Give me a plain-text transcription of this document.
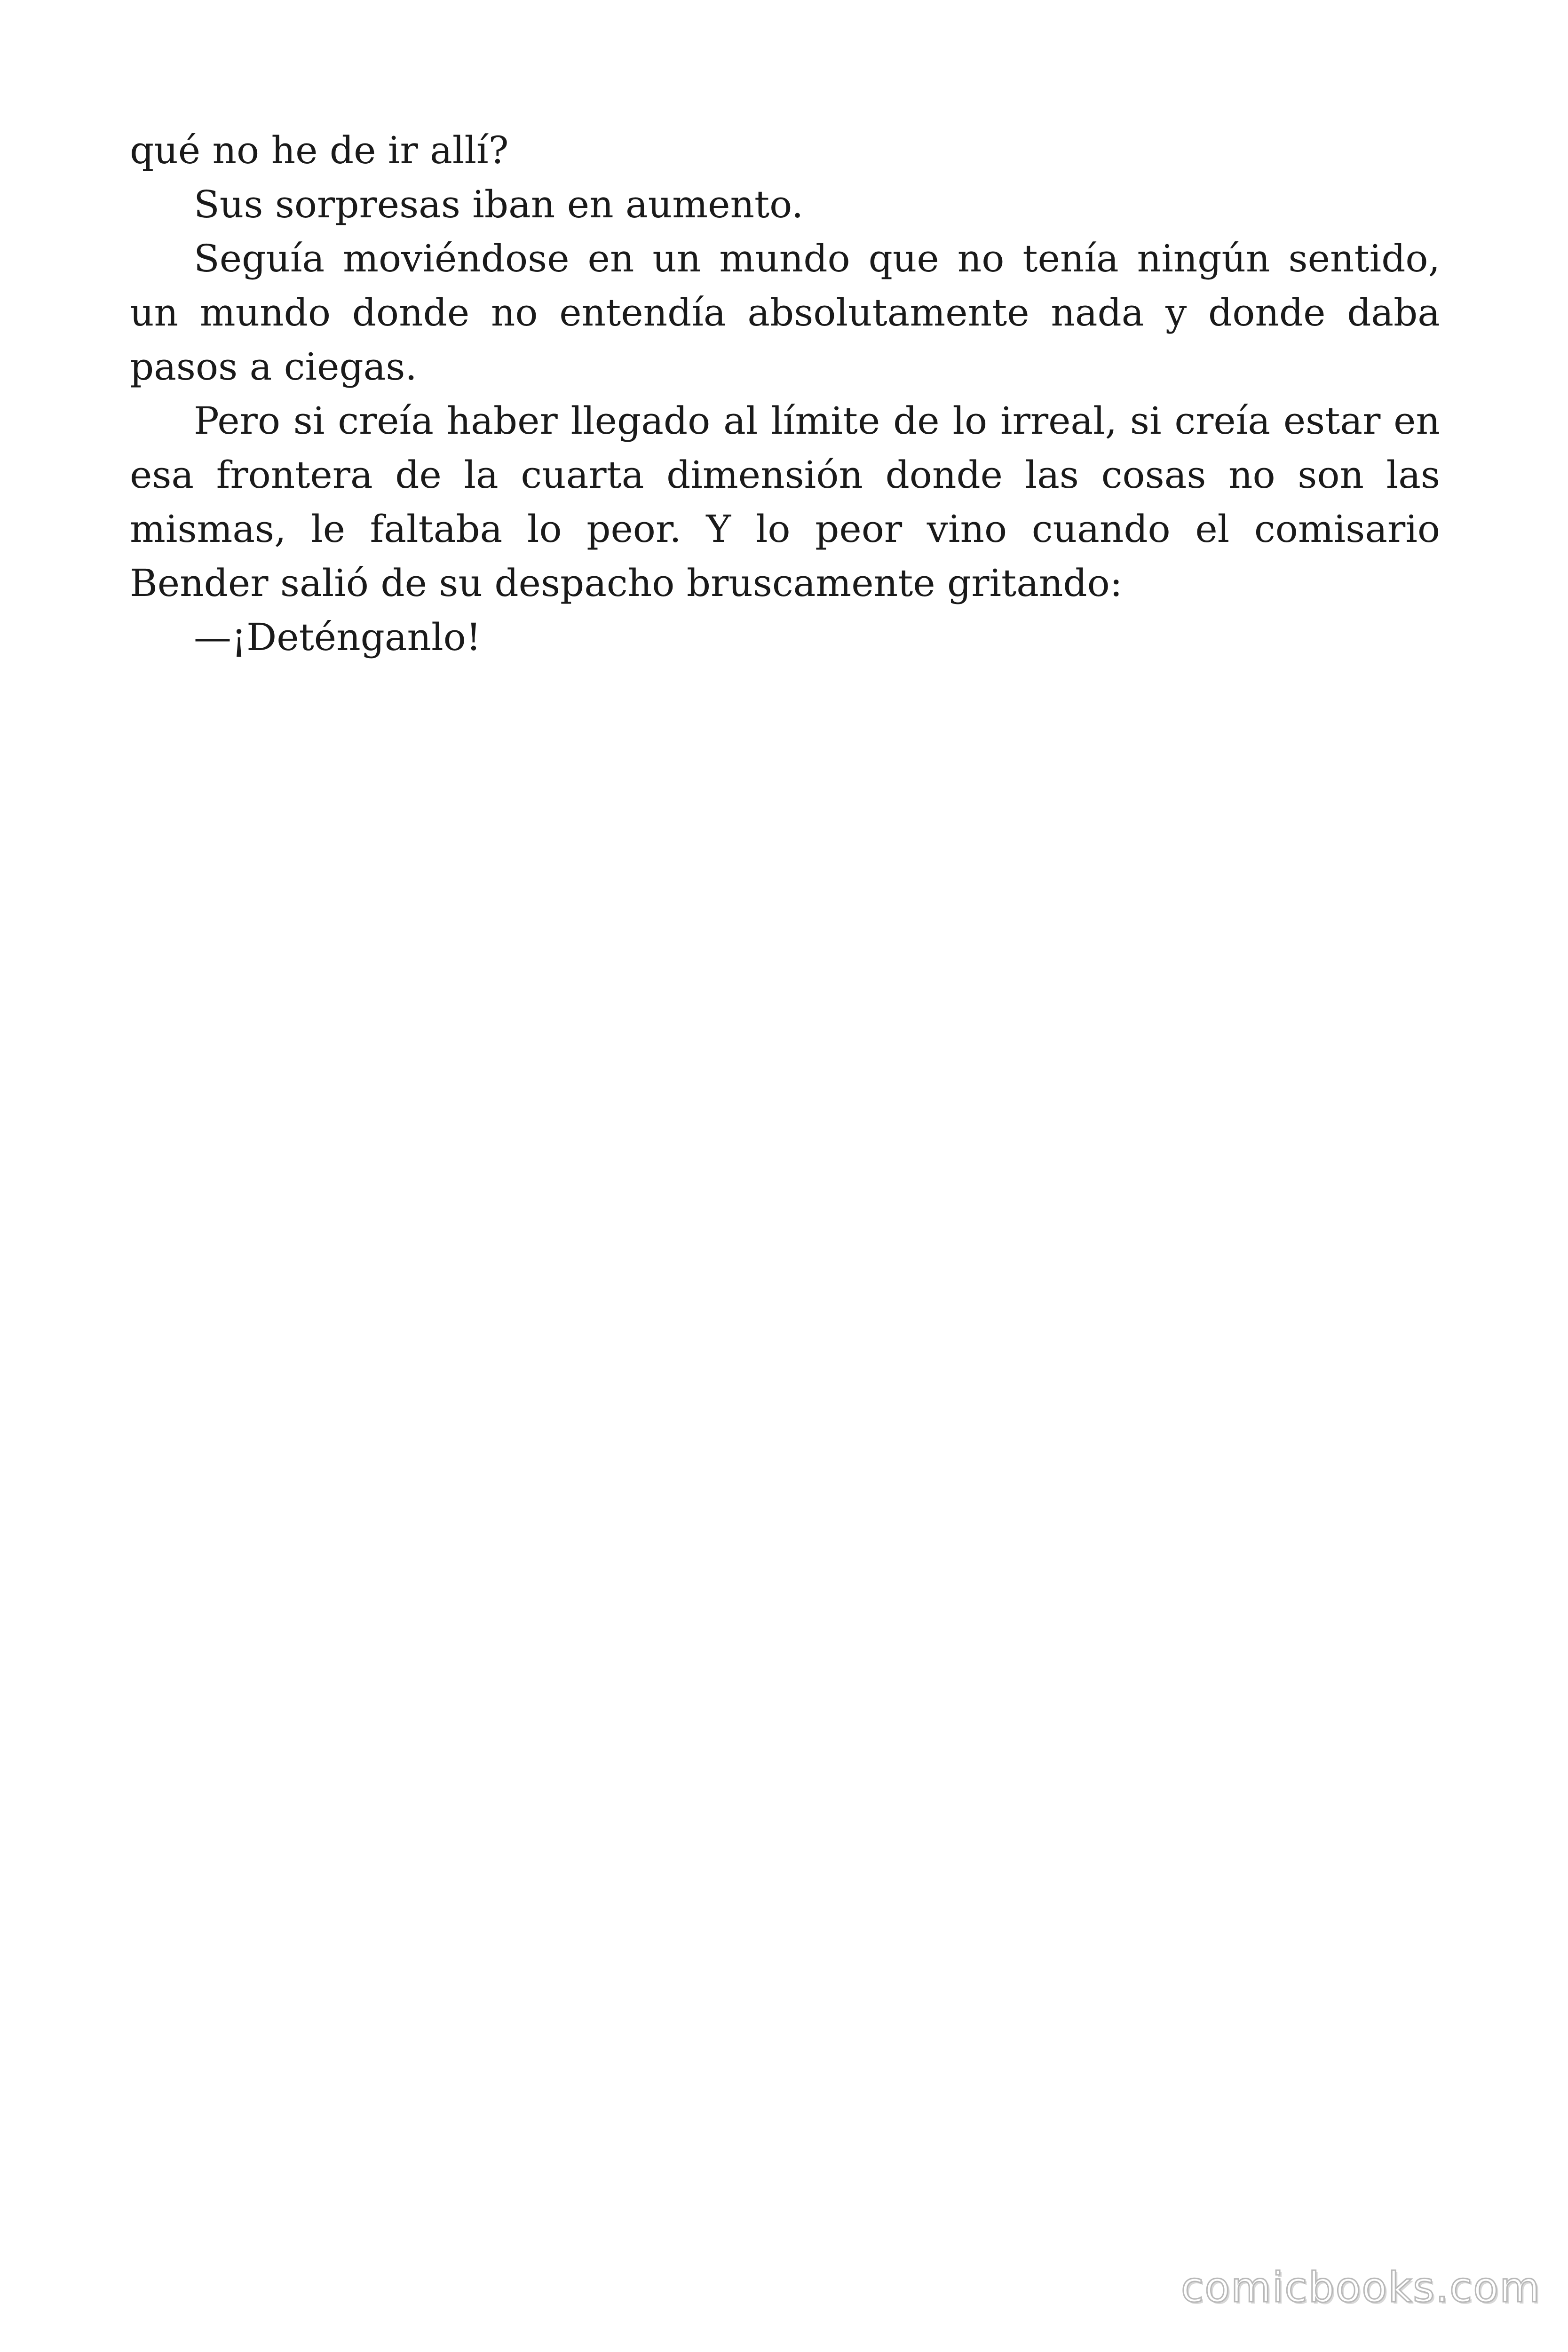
qué no he de ir allí?

Sus sorpresas iban en aumento.

Seguía moviéndose en un mundo que no tenía ningún sentido, un mundo donde no entendía absolutamente nada y donde daba pasos a ciegas.

Pero si creía haber llegado al límite de lo irreal, si creía estar en esa frontera de la cuarta dimensión donde las cosas no son las mismas, le faltaba lo peor. Y lo peor vino cuando el comisario Bender salió de su despacho bruscamente gritando:

—¡Deténganlo!

comicbooks.com
